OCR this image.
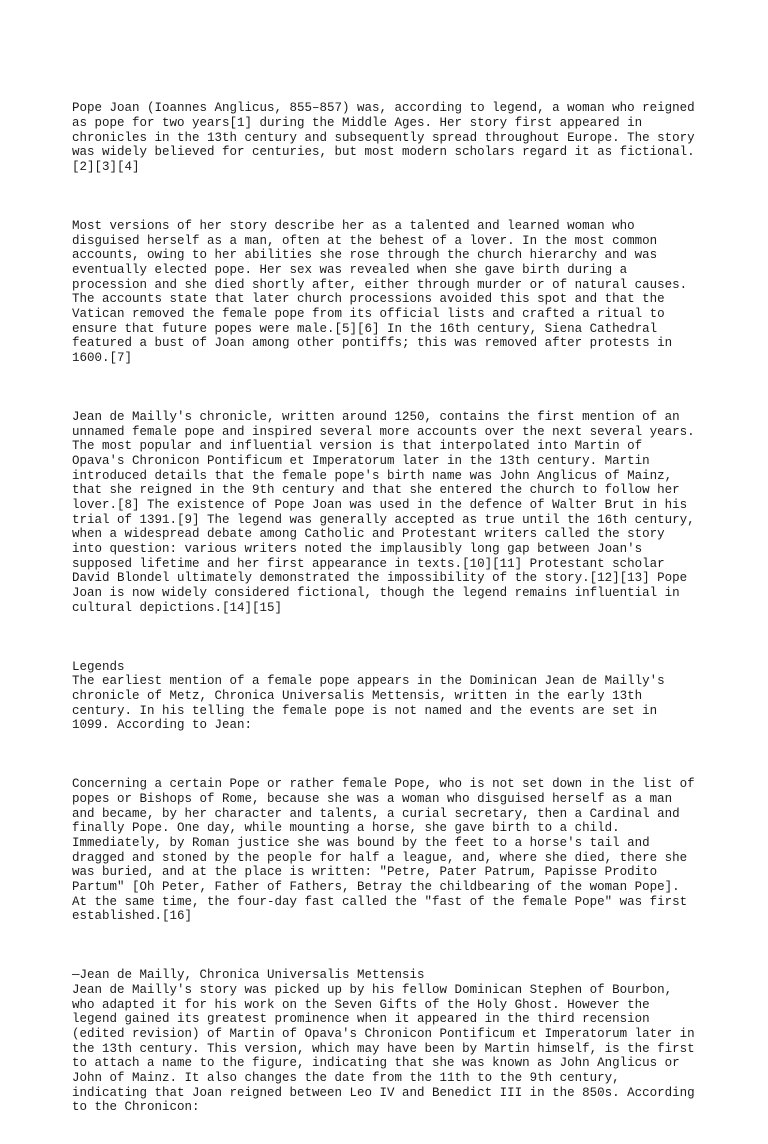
Pope Joan (Ioannes Anglicus, 855–857) was, according to legend, a woman who reigned
as pope for two years[1] during the Middle Ages. Her story first appeared in
chronicles in the 13th century and subsequently spread throughout Europe. The story
was widely believed for centuries, but most modern scholars regard it as fictional.
[2][3][4]

Most versions of her story describe her as a talented and learned woman who
disguised herself as a man, often at the behest of a lover. In the most common
accounts, owing to her abilities she rose through the church hierarchy and was
eventually elected pope. Her sex was revealed when she gave birth during a
procession and she died shortly after, either through murder or of natural causes.
The accounts state that later church processions avoided this spot and that the
Vatican removed the female pope from its official lists and crafted a ritual to
ensure that future popes were male.[5][6] In the 16th century, Siena Cathedral
featured a bust of Joan among other pontiffs; this was removed after protests in
1600.[7]

Jean de Mailly's chronicle, written around 1250, contains the first mention of an
unnamed female pope and inspired several more accounts over the next several years.
The most popular and influential version is that interpolated into Martin of
Opava's Chronicon Pontificum et Imperatorum later in the 13th century. Martin
introduced details that the female pope's birth name was John Anglicus of Mainz,
that she reigned in the 9th century and that she entered the church to follow her
lover.[8] The existence of Pope Joan was used in the defence of Walter Brut in his
trial of 1391.[9] The legend was generally accepted as true until the 16th century,
when a widespread debate among Catholic and Protestant writers called the story
into question: various writers noted the implausibly long gap between Joan's
supposed lifetime and her first appearance in texts.[10][11] Protestant scholar
David Blondel ultimately demonstrated the impossibility of the story.[12][13] Pope
Joan is now widely considered fictional, though the legend remains influential in
cultural depictions.[14][15]

Legends
The earliest mention of a female pope appears in the Dominican Jean de Mailly's
chronicle of Metz, Chronica Universalis Mettensis, written in the early 13th
century. In his telling the female pope is not named and the events are set in
1099. According to Jean:

Concerning a certain Pope or rather female Pope, who is not set down in the list of
popes or Bishops of Rome, because she was a woman who disguised herself as a man
and became, by her character and talents, a curial secretary, then a Cardinal and
finally Pope. One day, while mounting a horse, she gave birth to a child.
Immediately, by Roman justice she was bound by the feet to a horse's tail and
dragged and stoned by the people for half a league, and, where she died, there she
was buried, and at the place is written: "Petre, Pater Patrum, Papisse Prodito
Partum" [Oh Peter, Father of Fathers, Betray the childbearing of the woman Pope].
At the same time, the four-day fast called the "fast of the female Pope" was first
established.[16]

—Jean de Mailly, Chronica Universalis Mettensis
Jean de Mailly's story was picked up by his fellow Dominican Stephen of Bourbon,
who adapted it for his work on the Seven Gifts of the Holy Ghost. However the
legend gained its greatest prominence when it appeared in the third recension
(edited revision) of Martin of Opava's Chronicon Pontificum et Imperatorum later in
the 13th century. This version, which may have been by Martin himself, is the first
to attach a name to the figure, indicating that she was known as John Anglicus or
John of Mainz. It also changes the date from the 11th to the 9th century,
indicating that Joan reigned between Leo IV and Benedict III in the 850s. According
to the Chronicon:
